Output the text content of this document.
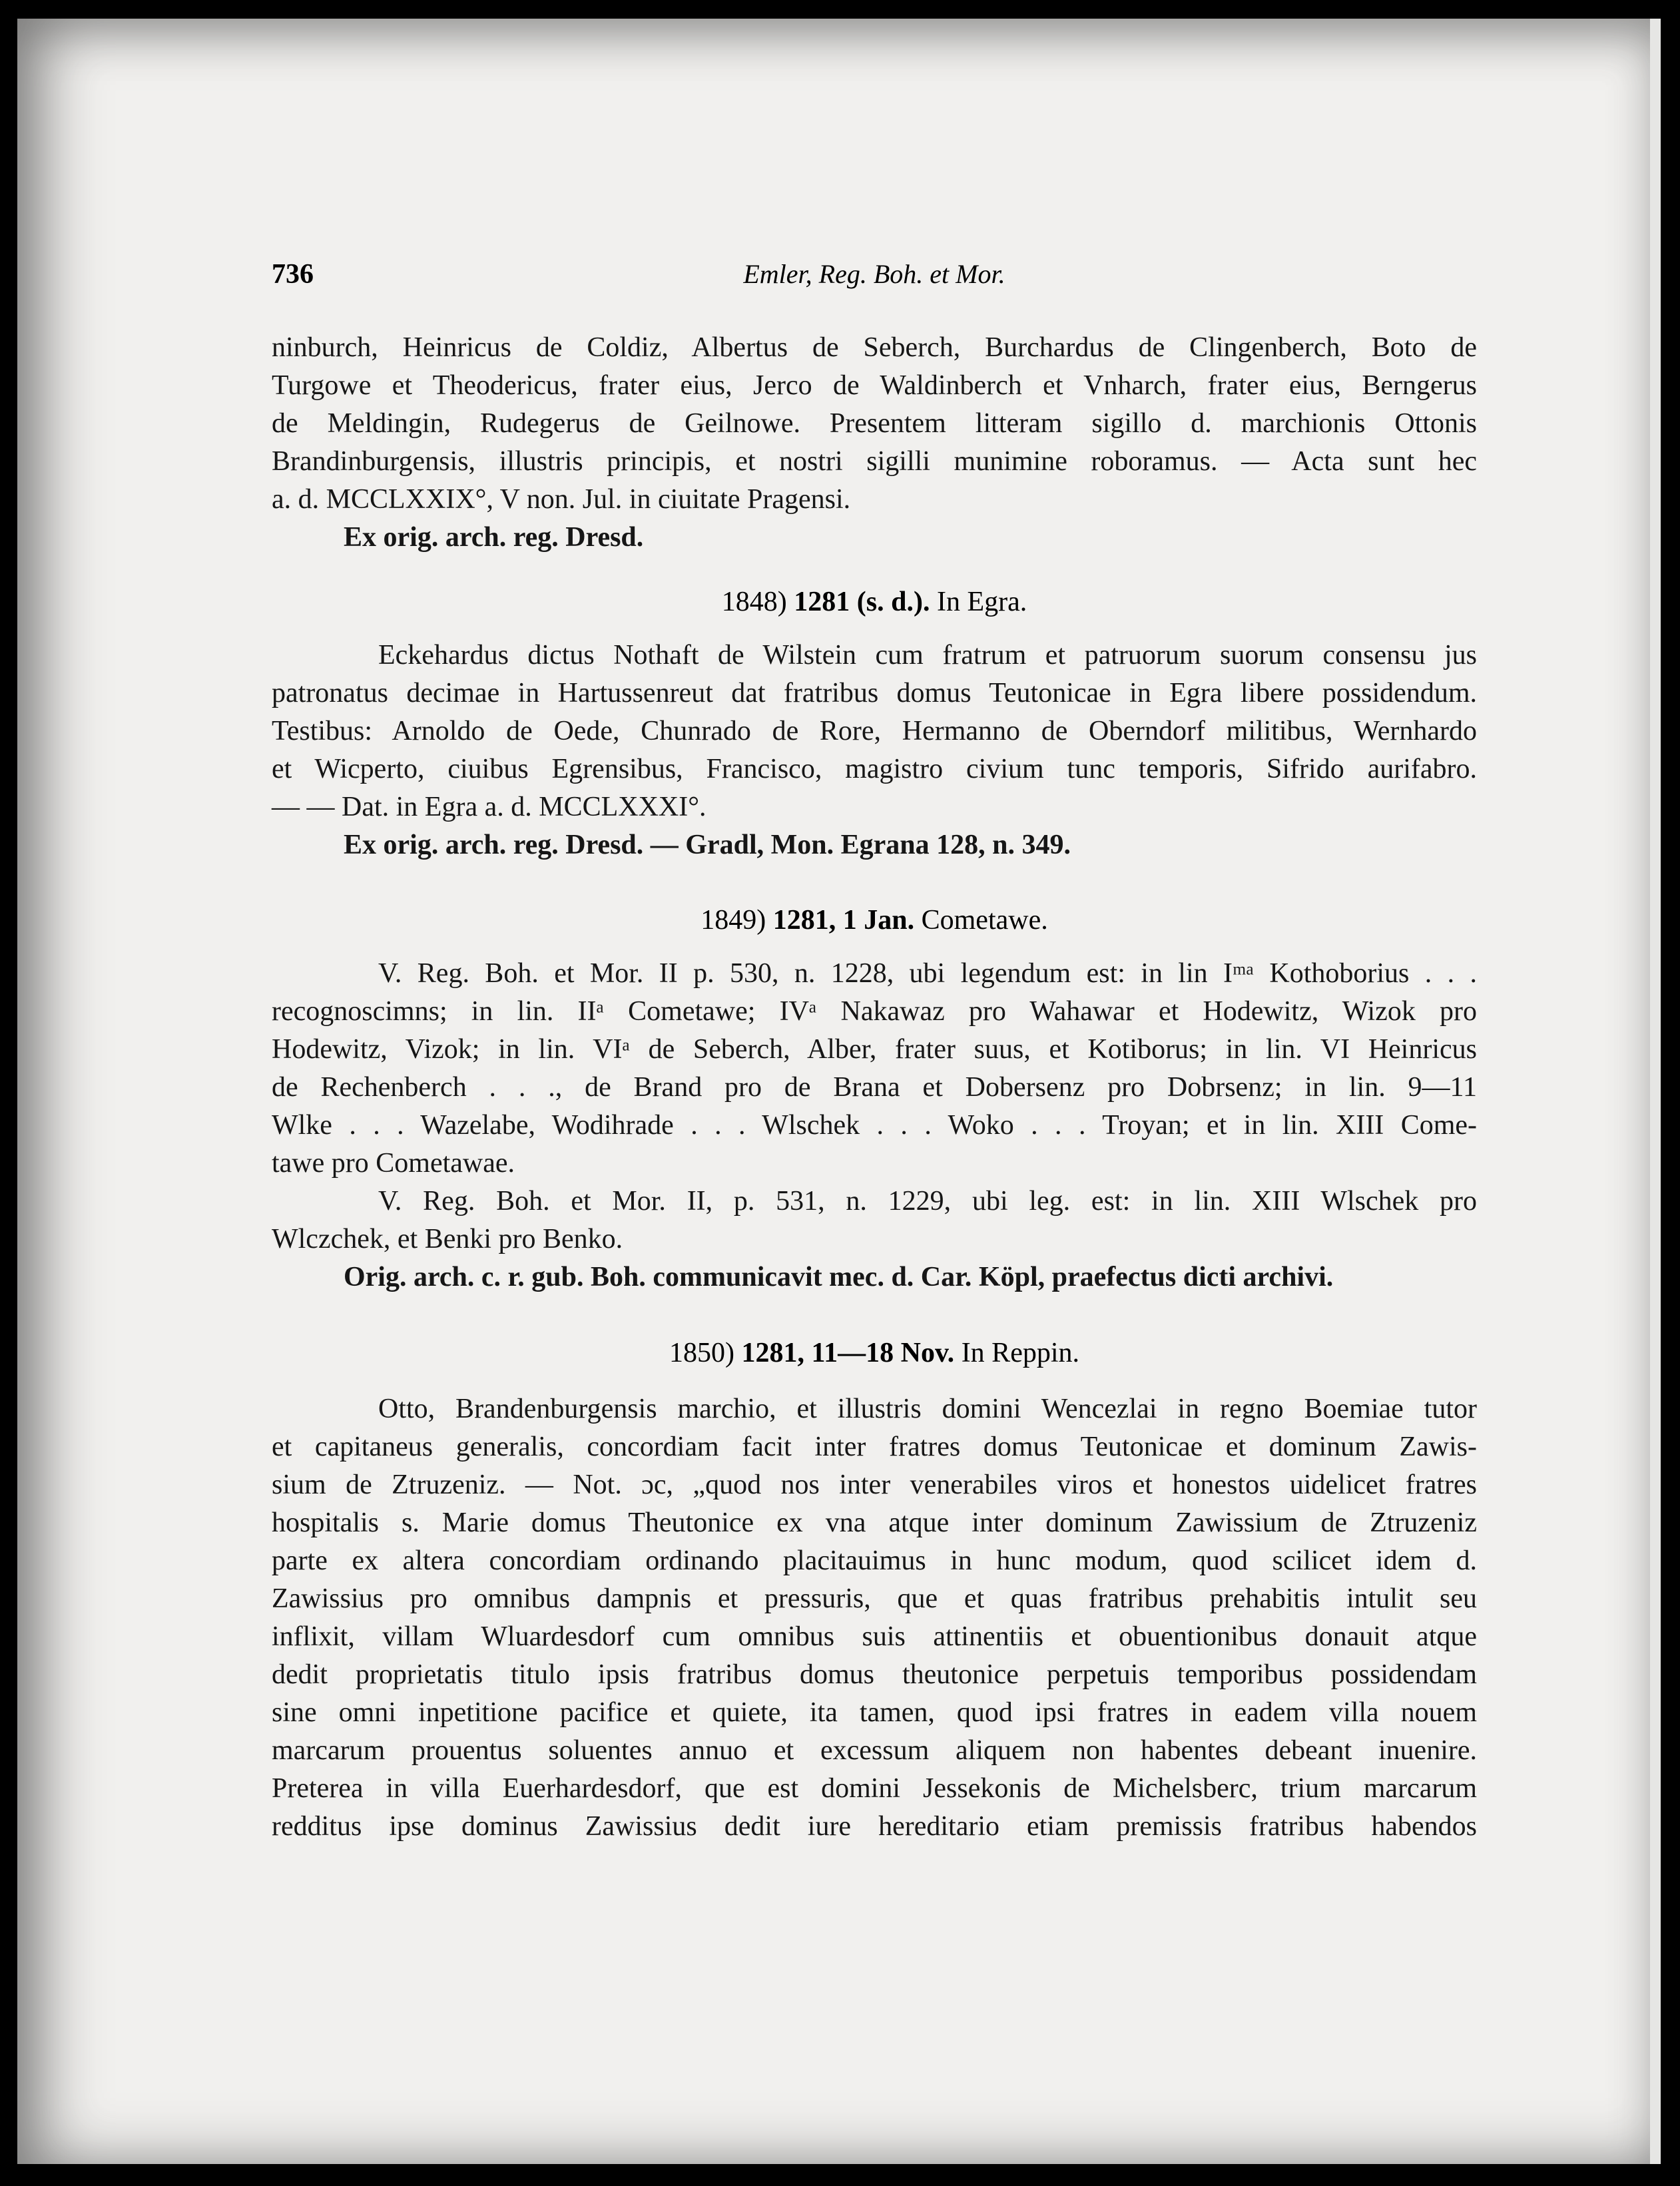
736	Emler, Reg. Boh. et Mor.

ninburch, Heinricus de Coldiz, Albertus de Seberch, Burchardus de Clingenberch, Boto de

Turgowe et Theodericus, frater eius, Jerco de Waldinberch et Vnharch, frater eius, Berngerus

de Meldingin, Rudegerus de Geilnowe. Presentem litteram sigillo d. marchionis Ottonis

Brandinburgensis, illustris principis, et nostri sigilli munimine roboramus. — Acta sunt hec

a. d. MCCLXXIX°, V non. Jul. in ciuitate Pragensi.

Ex orig. arch. reg. Dresd.

1848) 1281 (s. d.). In Egra.

Eckehardus dictus Nothaft de Wilstein cum fratrum et patruorum suorum consensu jus

patronatus decimae in Hartussenreut dat fratribus domus Teutonicae in Egra libere possidendum.

Testibus: Arnoldo de Oede, Chunrado de Rore, Hermanno de Oberndorf militibus, Wernhardo

et Wicperto, ciuibus Egrensibus, Francisco, magistro civium tunc temporis, Sifrido aurifabro.

— — Dat. in Egra a. d. MCCLXXXI°.

Ex orig. arch. reg. Dresd. — Gradl, Mon. Egrana 128, n. 349.

1849) 1281, 1 Jan. Cometawe.

V. Reg. Boh. et Mor. II p. 530, n. 1228, ubi legendum est: in lin Iᵐᵃ Kothoborius . . .

recognoscimns; in lin. IIᵃ Cometawe; IVᵃ Nakawaz pro Wahawar et Hodewitz, Wizok pro

Hodewitz, Vizok; in lin. VIᵃ de Seberch, Alber, frater suus, et Kotiborus; in lin. VI Heinricus

de Rechenberch . . ., de Brand pro de Brana et Dobersenz pro Dobrsenz; in lin. 9—11

Wlke . . . Wazelabe, Wodihrade . . . Wlschek . . . Woko . . . Troyan; et in lin. XIII Come-

tawe pro Cometawae.

V. Reg. Boh. et Mor. II, p. 531, n. 1229, ubi leg. est: in lin. XIII Wlschek pro

Wlczchek, et Benki pro Benko.

Orig. arch. c. r. gub. Boh. communicavit mec. d. Car. Köpl, praefectus dicti archivi.

1850) 1281, 11—18 Nov. In Reppin.

Otto, Brandenburgensis marchio, et illustris domini Wencezlai in regno Boemiae tutor

et capitaneus generalis, concordiam facit inter fratres domus Teutonicae et dominum Zawis-

sium de Ztruzeniz. — Not. ɔc, „quod nos inter venerabiles viros et honestos uidelicet fratres

hospitalis s. Marie domus Theutonice ex vna atque inter dominum Zawissium de Ztruzeniz

parte ex altera concordiam ordinando placitauimus in hunc modum, quod scilicet idem d.

Zawissius pro omnibus dampnis et pressuris, que et quas fratribus prehabitis intulit seu

inflixit, villam Wluardesdorf cum omnibus suis attinentiis et obuentionibus donauit atque

dedit proprietatis titulo ipsis fratribus domus theutonice perpetuis temporibus possidendam

sine omni inpetitione pacifice et quiete, ita tamen, quod ipsi fratres in eadem villa nouem

marcarum prouentus soluentes annuo et excessum aliquem non habentes debeant inuenire.

Preterea in villa Euerhardesdorf, que est domini Jessekonis de Michelsberc, trium marcarum

redditus ipse dominus Zawissius dedit iure hereditario etiam premissis fratribus habendos
